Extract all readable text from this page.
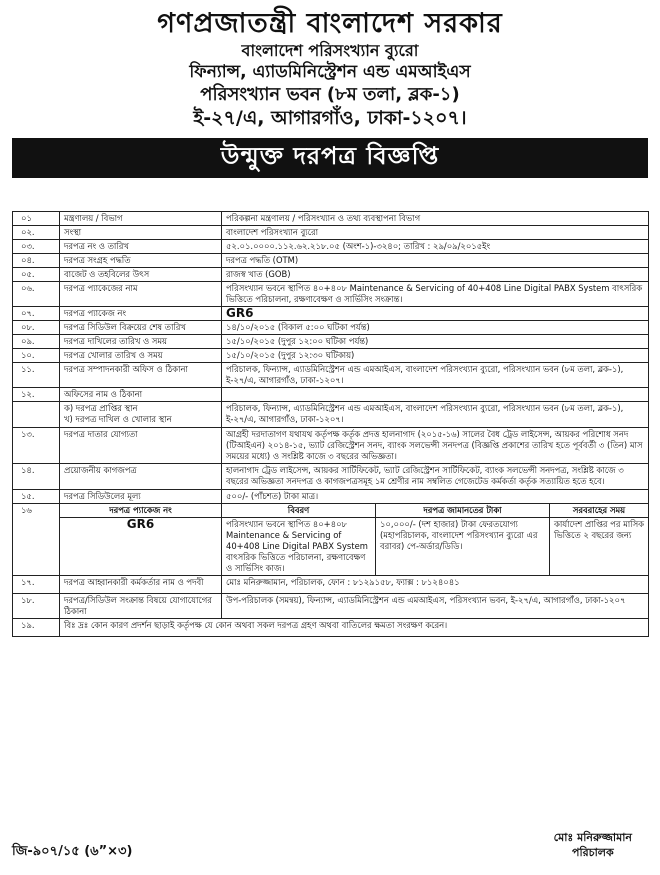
গণপ্রজাতন্ত্রী বাংলাদেশ সরকার
বাংলাদেশ পরিসংখ্যান ব্যুরো
ফিন্যান্স, এ্যাডমিনিস্ট্রেশন এন্ড এমআইএস
পরিসংখ্যান ভবন (৮ম তলা, ব্লক-১)
ই-২৭/এ, আগারগাঁও, ঢাকা-১২০৭।
উন্মুক্ত দরপত্র বিজ্ঞপ্তি
০১	মন্ত্রণালয় / বিভাগ	পরিকল্পনা মন্ত্রণালয় / পরিসংখ্যান ও তথ্য ব্যবস্থাপনা বিভাগ		
০২.	সংস্থা	বাংলাদেশ পরিসংখ্যান ব্যুরো		
০৩.	দরপত্র নং ও তারিখ	৫২.০১.০০০০.১১২.৬২.২১৮.০৫ (অংশ-১)-৩২৪০; তারিখ : ২৯/০৯/২০১৫ইং		
০৪.	দরপত্র সংগ্রহ পদ্ধতি	দরপত্র পদ্ধতি (OTM)		
০৫.	বাজেট ও তহবিলের উৎস	রাজস্ব খাত (GOB)		
০৬.	দরপত্র প্যাকেজের নাম	পরিসংখ্যান ভবনে স্থাপিত ৪০+৪০৮ Maintenance & Servicing of 40+408 Line Digital PABX System বাৎসরিক ভিত্তিতে পরিচালনা, রক্ষণাবেক্ষণ ও সার্ভিসিং সংক্রান্ত।		
০৭.	দরপত্র প্যাকেজ নং	GR6		
০৮.	দরপত্র সিডিউল বিক্রয়ের শেষ তারিখ	১৪/১০/২০১৫ (বিকাল ৫:০০ ঘটিকা পর্যন্ত)		
০৯.	দরপত্র দাখিলের তারিখ ও সময়	১৫/১০/২০১৫ (দুপুর ১২:০০ ঘটিকা পর্যন্ত)		
১০.	দরপত্র খোলার তারিখ ও সময়	১৫/১০/২০১৫ (দুপুর ১২:৩০ ঘটিকায়)		
১১.	দরপত্র সম্পাদনকারী অফিস ও ঠিকানা	পরিচালক, ফিন্যান্স, এ্যাডমিনিস্ট্রেশন এন্ড এমআইএস, বাংলাদেশ পরিসংখ্যান ব্যুরো, পরিসংখ্যান ভবন (৮ম তলা, ব্লক-১), ই-২৭/এ, আগারগাঁও, ঢাকা-১২০৭।		
১২.	অফিসের নাম ও ঠিকানা			
	ক) দরপত্র প্রাপ্তির স্থান
খ) দরপত্র দাখিল ও খোলার স্থান	পরিচালক, ফিন্যান্স, এ্যাডমিনিস্ট্রেশন এন্ড এমআইএস, বাংলাদেশ পরিসংখ্যান ব্যুরো, পরিসংখ্যান ভবন (৮ম তলা, ব্লক-১), ই-২৭/এ, আগারগাঁও, ঢাকা-১২০৭।		
১৩.	দরপত্র দাতার যোগ্যতা	আগ্রহী দরদাতাগণ যথাযথ কর্তৃপক্ষ কর্তৃক প্রদত্ত হালনাগাদ (২০১৫-১৬) সালের বৈধ ট্রেড লাইসেন্স, আয়কর পরিশোধ সনদ (টিআইএন) ২০১৪-১৫, ভ্যাট রেজিস্ট্রেশন সনদ, ব্যাংক সলভেন্সী সনদপত্র (বিজ্ঞপ্তি প্রকাশের তারিখ হতে পূর্ববর্তী ৩ (তিন) মাস সময়ের মধ্যে) ও সংশ্লিষ্ট কাজে ৩ বছরের অভিজ্ঞতা।		
১৪.	প্রয়োজনীয় কাগজপত্র	হালনাগাদ ট্রেড লাইসেন্স, আয়কর সার্টিফিকেট, ভ্যাট রেজিস্ট্রেশন সার্টিফিকেট, ব্যাংক সলভেন্সী সনদপত্র, সংশ্লিষ্ট কাজে ৩ বছরের অভিজ্ঞতা সনদপত্র ও কাগজপত্রসমূহ ১ম শ্রেণীর নাম সম্বলিত গেজেটেড কর্মকর্তা কর্তৃক সত্যায়িত হতে হবে।		
১৫.	দরপত্র সিডিউলের মূল্য	৫০০/- (পাঁচশত) টাকা মাত্র।		
১৬	দরপত্র প্যাকেজ নং	বিবরণ	দরপত্র জামানতের টাকা	সরবরাহের সময়
	GR6	পরিসংখ্যান ভবনে স্থাপিত ৪০+৪০৮ Maintenance & Servicing of 40+408 Line Digital PABX System বাৎসরিক ভিত্তিতে পরিচালনা, রক্ষণাবেক্ষণ ও সার্ভিসিং কাজ।	১০,০০০/- (দশ হাজার) টাকা ফেরতযোগ্য (মহাপরিচালক, বাংলাদেশ পরিসংখ্যান ব্যুরো এর বরাবর) পে-অর্ডার/ডিডি।	কার্যাদেশ প্রাপ্তির পর মাসিক ভিত্তিতে ২ বছরের জন্য
১৭.	দরপত্র আহ্বানকারী কর্মকর্তার নাম ও পদবী	মোঃ মনিরুজ্জামান, পরিচালক, ফোন : ৮১২৯১৫৮, ফ্যাক্স : ৮১২৪০৪১		
১৮.	দরপত্র/সিডিউল সংক্রান্ত বিষয়ে যোগাযোগের ঠিকানা	উপ-পরিচালক (সমন্বয়), ফিন্যান্স, এ্যাডমিনিস্ট্রেশন এন্ড এমআইএস, পরিসংখ্যান ভবন, ই-২৭/এ, আগারগাঁও, ঢাকা-১২০৭		
১৯.	বিঃ দ্রঃ কোন কারণ প্রদর্শন ছাড়াই কর্তৃপক্ষ যে কোন অথবা সকল দরপত্র গ্রহণ অথবা বাতিলের ক্ষমতা সংরক্ষণ করেন।			
জি-৯০৭/১৫ (৬”×৩)
মোঃ মনিরুজ্জামান
পরিচালক
